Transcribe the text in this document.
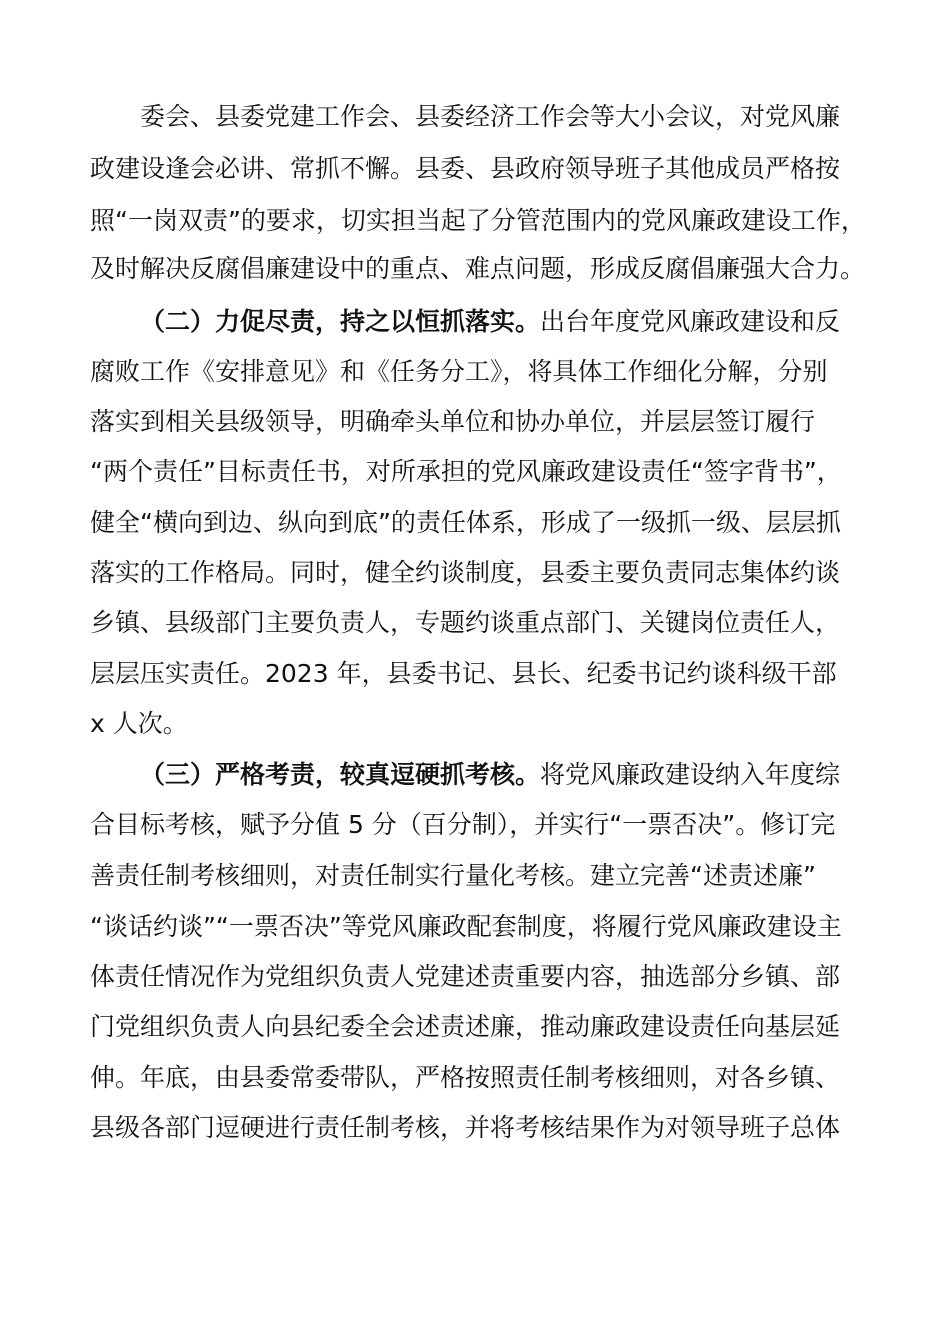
委会、县委党建工作会、县委经济工作会等大小会议，对党风廉
政建设逢会必讲、常抓不懈。县委、县政府领导班子其他成员严格按
照“一岗双责”的要求，切实担当起了分管范围内的党风廉政建设工作，
及时解决反腐倡廉建设中的重点、难点问题，形成反腐倡廉强大合力。
（二）力促尽责，持之以恒抓落实。出台年度党风廉政建设和反
腐败工作《安排意见》和《任务分工》，将具体工作细化分解，分别
落实到相关县级领导，明确牵头单位和协办单位，并层层签订履行
“两个责任”目标责任书，对所承担的党风廉政建设责任“签字背书”，
健全“横向到边、纵向到底”的责任体系，形成了一级抓一级、层层抓
落实的工作格局。同时，健全约谈制度，县委主要负责同志集体约谈
乡镇、县级部门主要负责人，专题约谈重点部门、关键岗位责任人，
层层压实责任。2023 年，县委书记、县长、纪委书记约谈科级干部
x 人次。
（三）严格考责，较真逗硬抓考核。将党风廉政建设纳入年度综
合目标考核，赋予分值 5 分（百分制），并实行“一票否决”。修订完
善责任制考核细则，对责任制实行量化考核。建立完善“述责述廉”
“谈话约谈”“一票否决”等党风廉政配套制度，将履行党风廉政建设主
体责任情况作为党组织负责人党建述责重要内容，抽选部分乡镇、部
门党组织负责人向县纪委全会述责述廉，推动廉政建设责任向基层延
伸。年底，由县委常委带队，严格按照责任制考核细则，对各乡镇、
县级各部门逗硬进行责任制考核，并将考核结果作为对领导班子总体
